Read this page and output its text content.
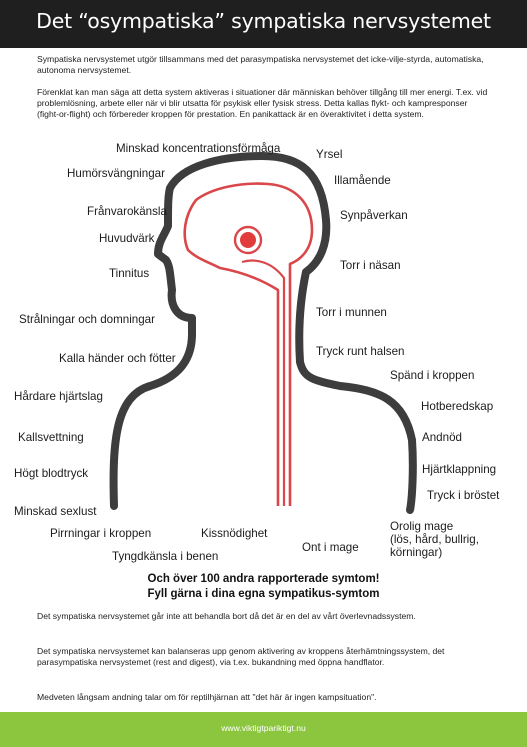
Det “osympatiska” sympatiska nervsystemet

Sympatiska nervsystemet utgör tillsammans med det parasympatiska nervsystemet det icke-vilje-styrda, automatiska, autonoma nervsystemet.

Förenklat kan man säga att detta system aktiveras i situationer där människan behöver tillgång till mer energi. T.ex. vid problemlösning, arbete eller när vi blir utsatta för psykisk eller fysisk stress. Detta kallas flykt- och kampresponser (fight-or-flight) och förbereder kroppen för prestation. En panikattack är en överaktivitet i detta system.

Minskad koncentrationsförmåga
Humörsvängningar
Frånvarokänsla
Huvudvärk
Tinnitus
Strålningar och domningar
Kalla händer och fötter
Hårdare hjärtslag
Kallsvettning
Högt blodtryck
Minskad sexlust
Yrsel
Illamående
Synpåverkan
Torr i näsan
Torr i munnen
Tryck runt halsen
Spänd i kroppen
Hotberedskap
Andnöd
Hjärtklappning
Tryck i bröstet
Pirrningar i kroppen	Kissnödighet
Tyngdkänsla i benen
Ont i mage
Orolig mage
(lös, hård, bullrig,
körningar)
Och över 100 andra rapporterade symtom!
Fyll gärna i dina egna sympatikus-symtom

Det sympatiska nervsystemet går inte att behandla bort då det är en del av vårt överlevnadssystem.

Det sympatiska nervsystemet kan balanseras upp genom aktivering av kroppens återhämtningssystem, det parasympatiska nervsystemet (rest and digest), via t.ex. bukandning med öppna handflator.

Medveten långsam andning talar om för reptilhjärnan att "det här är ingen kampsituation".

www.viktigtpariktigt.nu
